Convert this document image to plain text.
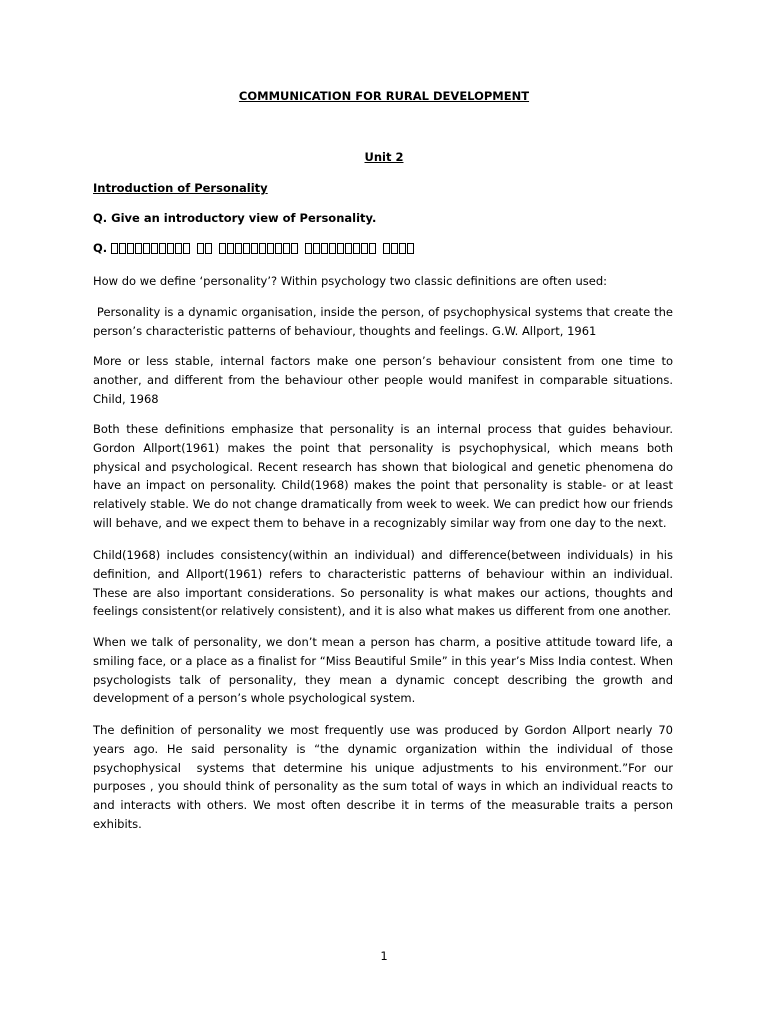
COMMUNICATION FOR RURAL DEVELOPMENT
Unit 2
Introduction of Personality
Q. Give an introductory view of Personality.
Q.

How do we define ‘personality’? Within psychology two classic definitions are often used:

Personality is a dynamic organisation, inside the person, of psychophysical systems that create the person’s characteristic patterns of behaviour, thoughts and feelings. G.W. Allport, 1961

More or less stable, internal factors make one person’s behaviour consistent from one time to another, and different from the behaviour other people would manifest in comparable situations. Child, 1968

Both these definitions emphasize that personality is an internal process that guides behaviour. Gordon Allport(1961) makes the point that personality is psychophysical, which means both physical and psychological. Recent research has shown that biological and genetic phenomena do have an impact on personality. Child(1968) makes the point that personality is stable- or at least relatively stable. We do not change dramatically from week to week. We can predict how our friends will behave, and we expect them to behave in a recognizably similar way from one day to the next.

Child(1968) includes consistency(within an individual) and difference(between individuals) in his definition, and Allport(1961) refers to characteristic patterns of behaviour within an individual. These are also important considerations. So personality is what makes our actions, thoughts and feelings consistent(or relatively consistent), and it is also what makes us different from one another.

When we talk of personality, we don’t mean a person has charm, a positive attitude toward life, a smiling face, or a place as a finalist for “Miss Beautiful Smile” in this year’s Miss India contest. When psychologists talk of personality, they mean a dynamic concept describing the growth and development of a person’s whole psychological system.

The definition of personality we most frequently use was produced by Gordon Allport nearly 70 years ago. He said personality is “the dynamic organization within the individual of those psychophysical  systems that determine his unique adjustments to his environment.”For our purposes , you should think of personality as the sum total of ways in which an individual reacts to and interacts with others. We most often describe it in terms of the measurable traits a person exhibits.

1
